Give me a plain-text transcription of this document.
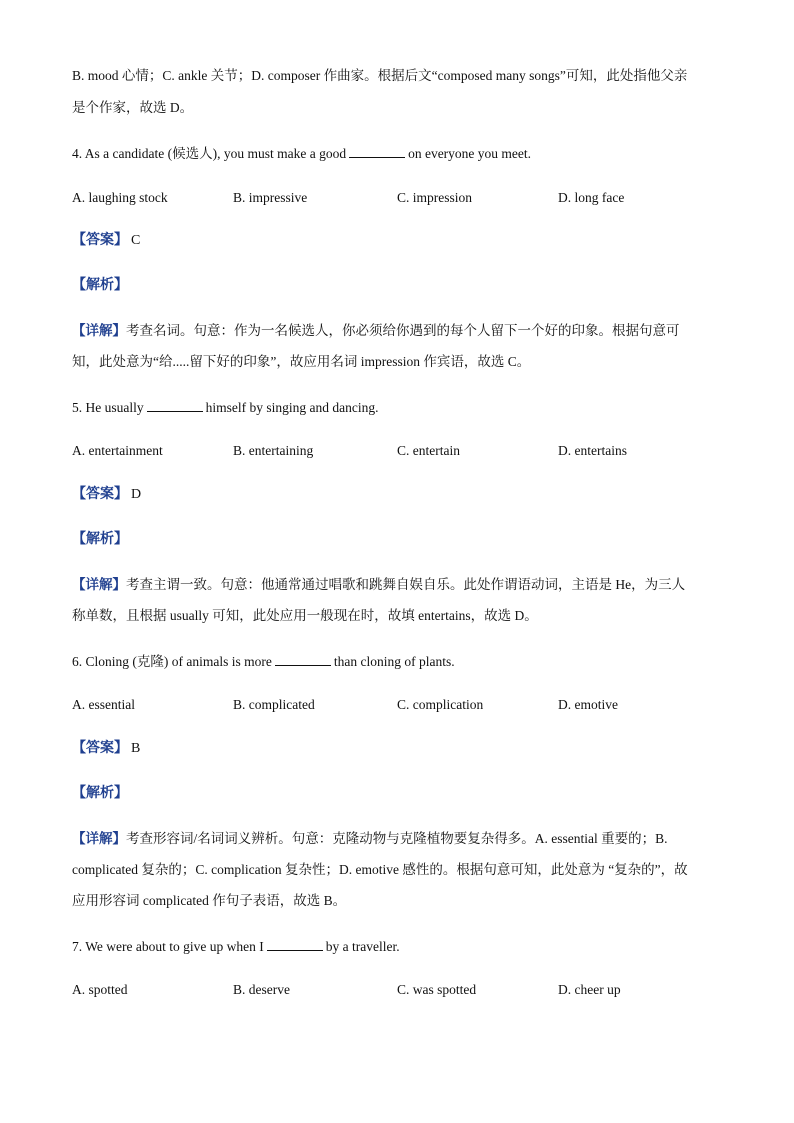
B. mood 心情；C. ankle 关节；D. composer 作曲家。根据后文“composed many songs”可知，此处指他父亲
是个作家，故选 D。
4. As a candidate (候选人), you must make a good	on everyone you meet.
A. laughing stock	B. impressive	C. impression	D. long face
【答案】 C
【解析】
【详解】考查名词。句意：作为一名候选人，你必须给你遇到的每个人留下一个好的印象。根据句意可
知，此处意为“给.....留下好的印象”，故应用名词 impression 作宾语，故选 C。
5. He usually	himself by singing and dancing.
A. entertainment	B. entertaining	C. entertain	D. entertains
【答案】 D
【解析】
【详解】考查主谓一致。句意：他通常通过唱歌和跳舞自娱自乐。此处作谓语动词，主语是 He，为三人
称单数，且根据 usually 可知，此处应用一般现在时，故填 entertains，故选 D。
6. Cloning (克隆) of animals is more	than cloning of plants.
A. essential	B. complicated	C. complication	D. emotive
【答案】 B
【解析】
【详解】考查形容词/名词词义辨析。句意：克隆动物与克隆植物要复杂得多。A. essential 重要的；B.
complicated 复杂的；C. complication 复杂性；D. emotive 感性的。根据句意可知，此处意为 “复杂的”，故
应用形容词 complicated 作句子表语，故选 B。
7. We were about to give up when I	by a traveller.
A. spotted	B. deserve	C. was spotted	D. cheer up
